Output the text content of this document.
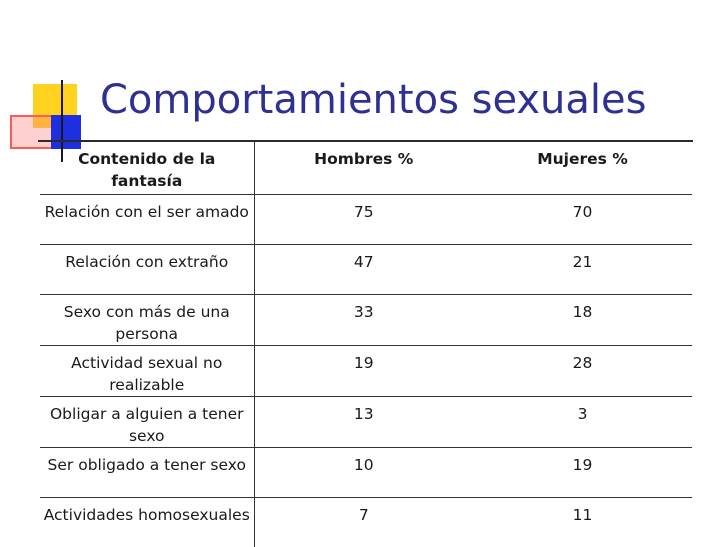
Comportamientos sexuales
Contenido de la fantasía	Hombres %	Mujeres %
Relación con el ser amado	75	70
Relación con extraño	47	21
Sexo con más de una persona	33	18
Actividad sexual no realizable	19	28
Obligar a alguien a tener sexo	13	3
Ser obligado a tener sexo	10	19
Actividades homosexuales	7	11
